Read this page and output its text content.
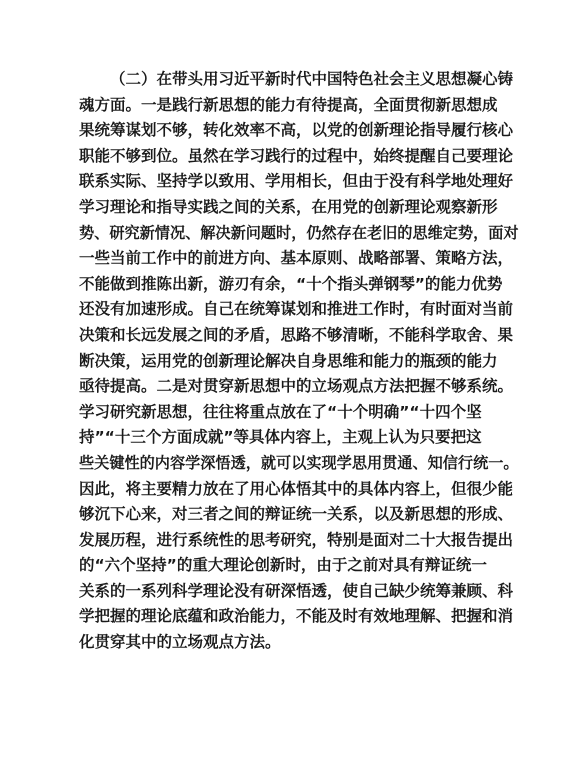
（二）在带头用习近平新时代中国特色社会主义思想凝心铸
魂方面。一是践行新思想的能力有待提高，全面贯彻新思想成
果统筹谋划不够，转化效率不高，以党的创新理论指导履行核心
职能不够到位。虽然在学习践行的过程中，始终提醒自己要理论
联系实际、坚持学以致用、学用相长，但由于没有科学地处理好
学习理论和指导实践之间的关系，在用党的创新理论观察新形
势、研究新情况、解决新问题时，仍然存在老旧的思维定势，面对
一些当前工作中的前进方向、基本原则、战略部署、策略方法，
不能做到推陈出新，游刃有余，“十个指头弹钢琴”的能力优势
还没有加速形成。自己在统筹谋划和推进工作时，有时面对当前
决策和长远发展之间的矛盾，思路不够清晰，不能科学取舍、果
断决策，运用党的创新理论解决自身思维和能力的瓶颈的能力
亟待提高。二是对贯穿新思想中的立场观点方法把握不够系统。
学习研究新思想，往往将重点放在了“十个明确”“十四个坚
持”“十三个方面成就”等具体内容上，主观上认为只要把这
些关键性的内容学深悟透，就可以实现学思用贯通、知信行统一。
因此，将主要精力放在了用心体悟其中的具体内容上，但很少能
够沉下心来，对三者之间的辩证统一关系，以及新思想的形成、
发展历程，进行系统性的思考研究，特别是面对二十大报告提出
的“六个坚持”的重大理论创新时，由于之前对具有辩证统一
关系的一系列科学理论没有研深悟透，使自己缺少统筹兼顾、科
学把握的理论底蕴和政治能力，不能及时有效地理解、把握和消
化贯穿其中的立场观点方法。
